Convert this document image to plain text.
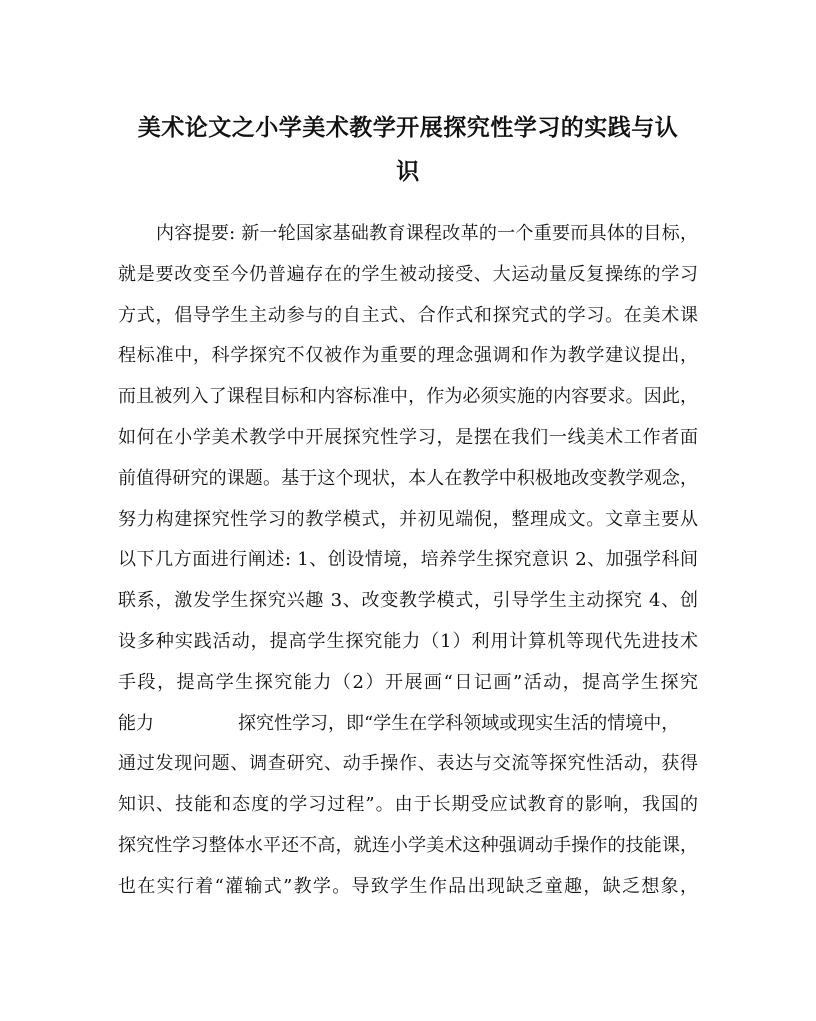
美术论文之小学美术教学开展探究性学习的实践与认
识
内容提要: 新一轮国家基础教育课程改革的一个重要而具体的目标，
就是要改变至今仍普遍存在的学生被动接受、大运动量反复操练的学习
方式，倡导学生主动参与的自主式、合作式和探究式的学习。在美术课
程标准中，科学探究不仅被作为重要的理念强调和作为教学建议提出，
而且被列入了课程目标和内容标准中，作为必须实施的内容要求。因此，
如何在小学美术教学中开展探究性学习，是摆在我们一线美术工作者面
前值得研究的课题。基于这个现状，本人在教学中积极地改变教学观念，
努力构建探究性学习的教学模式，并初见端倪，整理成文。文章主要从
以下几方面进行阐述: 1、创设情境，培养学生探究意识 2、加强学科间
联系，激发学生探究兴趣 3、改变教学模式，引导学生主动探究 4、创
设多种实践活动，提高学生探究能力（1）利用计算机等现代先进技术
手段，提高学生探究能力（2）开展画“日记画”活动，提高学生探究
能力	探究性学习，即“学生在学科领域或现实生活的情境中，
通过发现问题、调查研究、动手操作、表达与交流等探究性活动，获得
知识、技能和态度的学习过程”。由于长期受应试教育的影响，我国的
探究性学习整体水平还不高，就连小学美术这种强调动手操作的技能课，
也在实行着“灌输式”教学。导致学生作品出现缺乏童趣，缺乏想象，
